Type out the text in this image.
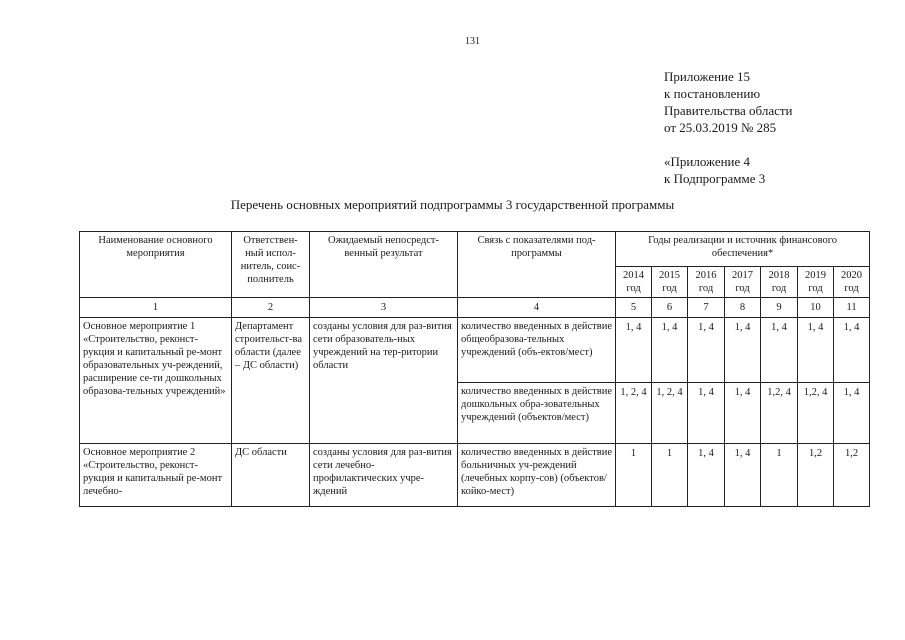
131
Приложение 15
к постановлению
Правительства области
от 25.03.2019 № 285
«Приложение 4
к Подпрограмме 3
Перечень основных мероприятий подпрограммы 3 государственной программы
Наименование основного мероприятия	Ответствен-ный испол-нитель, соис-полнитель	Ожидаемый непосредст-венный результат	Связь с показателями под-программы	Годы реализации и источник финансового обеспечения*						
				2014 год	2015 год	2016 год	2017 год	2018 год	2019 год	2020 год
1	2	3	4	5	6	7	8	9	10	11
Основное мероприятие 1 «Строительство, реконст-рукция и капитальный ре-монт образовательных уч-реждений, расширение се-ти дошкольных образова-тельных учреждений»	Департамент строительст-ва области (далее – ДС области)	созданы условия для раз-вития сети образователь-ных учреждений на тер-ритории области	количество введенных в действие общеобразова-тельных учреждений (объ-ектов/мест)	1, 4	1, 4	1, 4	1, 4	1, 4	1, 4	1, 4
			количество введенных в действие дошкольных обра-зовательных учреждений (объектов/мест)	1, 2, 4	1, 2, 4	1, 4	1, 4	1,2, 4	1,2, 4	1, 4
Основное мероприятие 2 «Строительство, реконст-рукция и капитальный ре-монт лечебно-	ДС области	созданы условия для раз-вития сети лечебно-профилактических учре-ждений	количество введенных в действие больничных уч-реждений (лечебных корпу-сов) (объектов/койко-мест)	1	1	1, 4	1, 4	1	1,2	1,2
